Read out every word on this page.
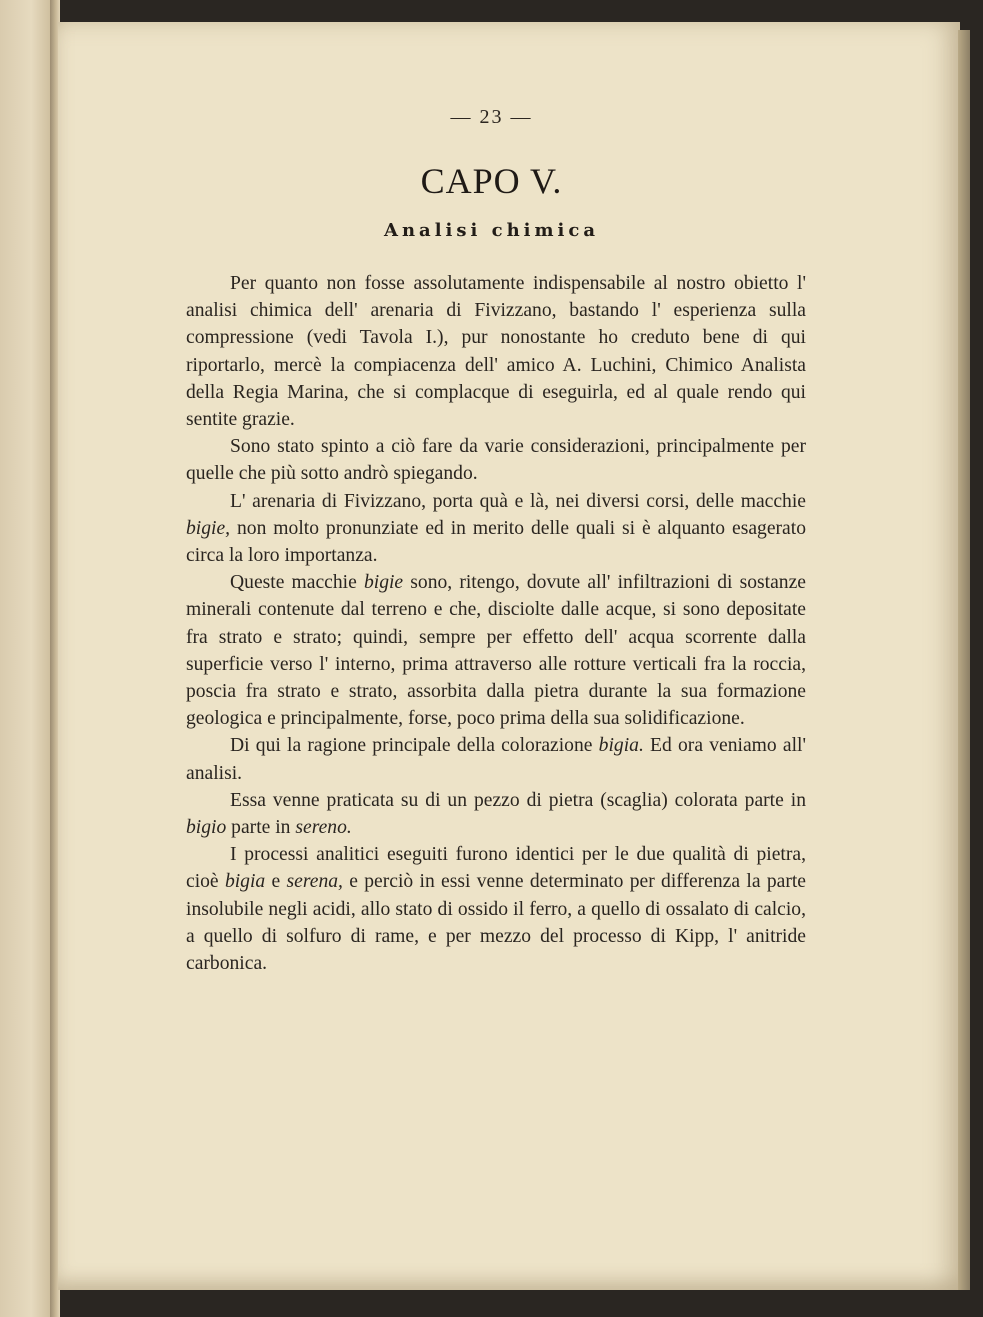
— 23 —
CAPO V.
Analisi chimica

Per quanto non fosse assolutamente indispensabile al nostro obietto l' analisi chimica dell' arenaria di Fivizzano, bastando l' esperienza sulla compressione (vedi Tavola I.), pur nonostante ho creduto bene di qui riportarlo, mercè la compiacenza dell' amico A. Luchini, Chimico Analista della Regia Marina, che si complacque di eseguirla, ed al quale rendo qui sentite grazie.

Sono stato spinto a ciò fare da varie considerazioni, principalmente per quelle che più sotto andrò spiegando.

L' arenaria di Fivizzano, porta quà e là, nei diversi corsi, delle macchie bigie, non molto pronunziate ed in merito delle quali si è alquanto esagerato circa la loro importanza.

Queste macchie bigie sono, ritengo, dovute all' infiltrazioni di sostanze minerali contenute dal terreno e che, disciolte dalle acque, si sono depositate fra strato e strato; quindi, sempre per effetto dell' acqua scorrente dalla superficie verso l' interno, prima attraverso alle rotture verticali fra la roccia, poscia fra strato e strato, assorbita dalla pietra durante la sua formazione geologica e principalmente, forse, poco prima della sua solidificazione.

Di qui la ragione principale della colorazione bigia. Ed ora veniamo all' analisi.

Essa venne praticata su di un pezzo di pietra (scaglia) colorata parte in bigio parte in sereno.

I processi analitici eseguiti furono identici per le due qualità di pietra, cioè bigia e serena, e perciò in essi venne determinato per differenza la parte insolubile negli acidi, allo stato di ossido il ferro, a quello di ossalato di calcio, a quello di solfuro di rame, e per mezzo del processo di Kipp, l' anitride carbonica.
